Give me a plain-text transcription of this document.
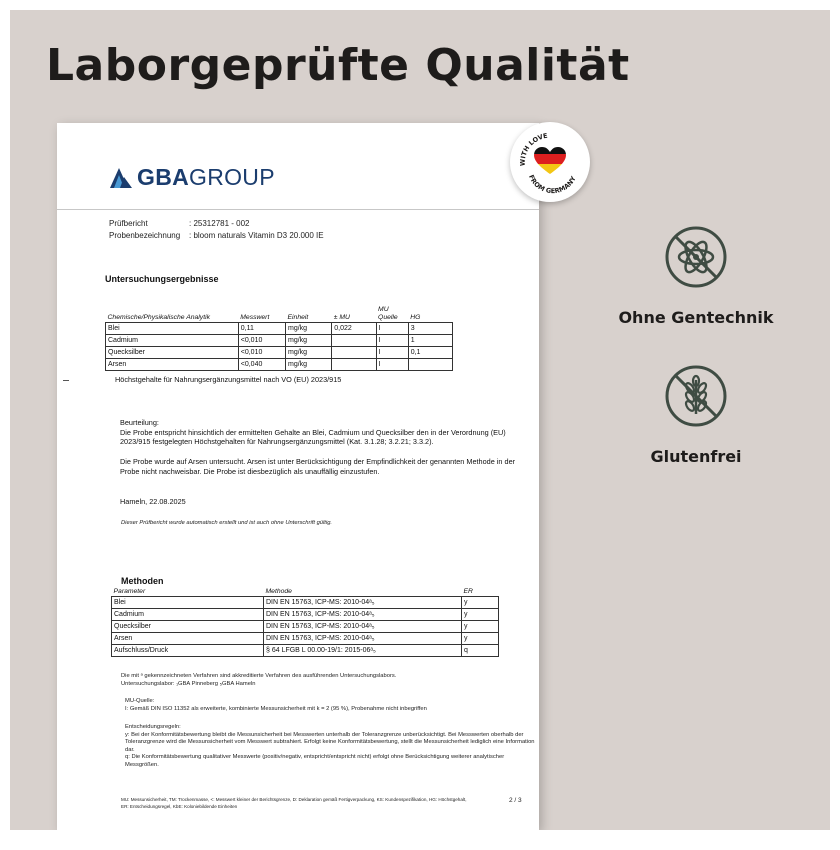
Laborgeprüfte Qualität
GBAGROUP
Prüfbericht	: 25312781 - 002
Probenbezeichnung	: bloom naturals Vitamin D3 20.000 IE
Untersuchungsergebnisse
Chemische/Physikalische Analytik	Messwert	Einheit	± MU	MU Quelle	HG
Blei	0,11	mg/kg	0,022	I	3
Cadmium	<0,010	mg/kg		I	1
Quecksilber	<0,010	mg/kg		I	0,1
Arsen	<0,040	mg/kg		I	
Höchstgehalte für Nahrungsergänzungsmittel nach VO (EU) 2023/915
Beurteilung:
Die Probe entspricht hinsichtlich der ermittelten Gehalte an Blei, Cadmium und Quecksilber den in der Verordnung (EU) 2023/915 festgelegten Höchstgehalten für Nahrungsergänzungsmittel (Kat. 3.1.28; 3.2.21; 3.3.2).
Die Probe wurde auf Arsen untersucht. Arsen ist unter Berücksichtigung der Empfindlichkeit der genannten Methode in der Probe nicht nachweisbar. Die Probe ist diesbezüglich als unauffällig einzustufen.
Hameln, 22.08.2025
Dieser Prüfbericht wurde automatisch erstellt und ist auch ohne Unterschrift gültig.
Methoden
Parameter	Methode	ER
Blei	DIN EN 15763, ICP-MS: 2010-04ᵃ₅	y
Cadmium	DIN EN 15763, ICP-MS: 2010-04ᵃ₅	y
Quecksilber	DIN EN 15763, ICP-MS: 2010-04ᵃ₅	y
Arsen	DIN EN 15763, ICP-MS: 2010-04ᵃ₅	y
Aufschluss/Druck	§ 64 LFGB L 00.00-19/1: 2015-06ᵃ₅	q
Die mit ᵃ gekennzeichneten Verfahren sind akkreditierte Verfahren des ausführenden Untersuchungslabors.
Untersuchungslabor: ₁GBA Pinneberg ₅GBA Hameln
MU-Quelle:
I: Gemäß DIN ISO 11352 als erweiterte, kombinierte Messunsicherheit mit k = 2 (95 %), Probenahme nicht inbegriffen
Entscheidungsregeln:
y: Bei der Konformitätsbewertung bleibt die Messunsicherheit bei Messwerten unterhalb der Toleranzgrenze unberücksichtigt. Bei Messwerten oberhalb der Toleranzgrenze wird die Messunsicherheit vom Messwert subtrahiert. Erfolgt keine Konformitätsbewertung, stellt die Messunsicherheit lediglich eine Information dar.
q: Die Konformitätsbewertung qualitativer Messwerte (positiv/negativ, entspricht/entspricht nicht) erfolgt ohne Berücksichtigung weiterer analytischer Messgrößen.
MU: Messunsicherheit, TM: Trockenmasse, <: Messwert kleiner der Berichtsgrenze, D: Deklaration gemäß Fertigverpackung, KS: Kundenspezifikation, HG: Höchstgehalt,
ER: Entscheidungsregel, KbE: Koloniebildende Einheiten
2 / 3
WITH LOVE
FROM GERMANY
Ohne Gentechnik
Glutenfrei
